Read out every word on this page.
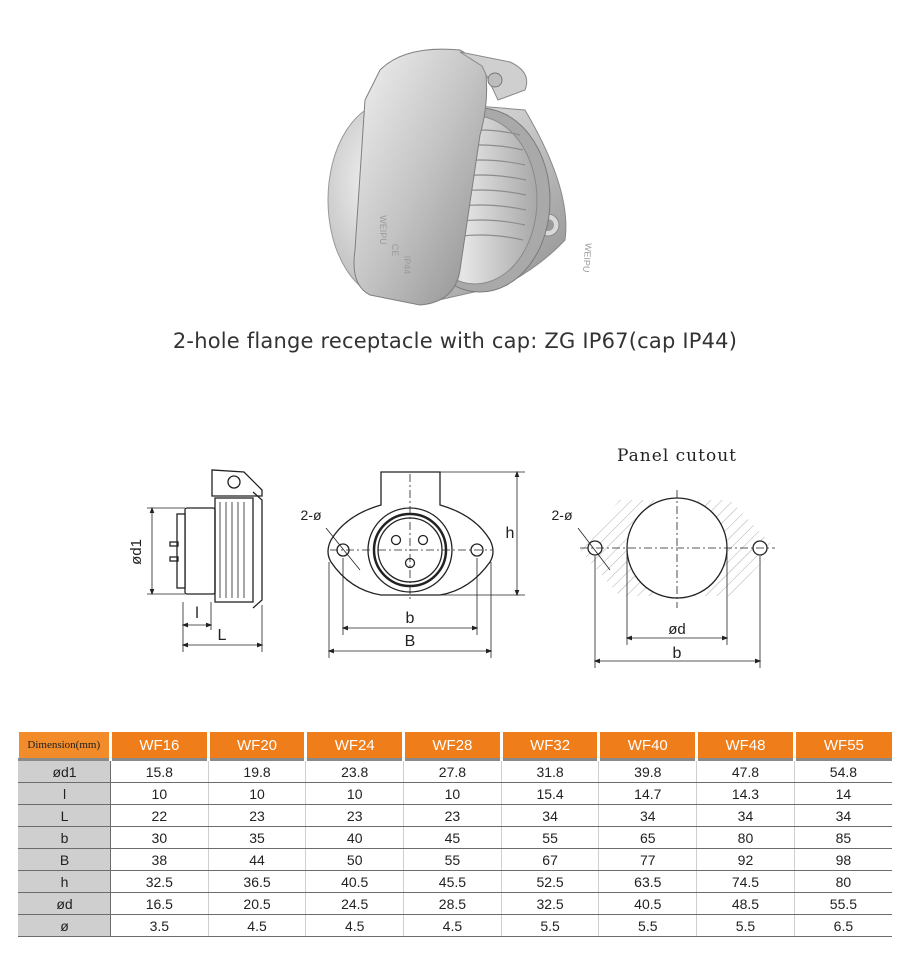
WEIPU
WEIPU
CE
IP44
2-hole flange receptacle with cap: ZG IP67(cap IP44)
ød1
l
L
2-ø
h
b
B
Panel cutout
2-ø
ød
b
Dimension(mm)	WF16	WF20	WF24	WF28	WF32	WF40	WF48	WF55
ød1	15.8	19.8	23.8	27.8	31.8	39.8	47.8	54.8
l	10	10	10	10	15.4	14.7	14.3	14
L	22	23	23	23	34	34	34	34
b	30	35	40	45	55	65	80	85
B	38	44	50	55	67	77	92	98
h	32.5	36.5	40.5	45.5	52.5	63.5	74.5	80
ød	16.5	20.5	24.5	28.5	32.5	40.5	48.5	55.5
ø	3.5	4.5	4.5	4.5	5.5	5.5	5.5	6.5
